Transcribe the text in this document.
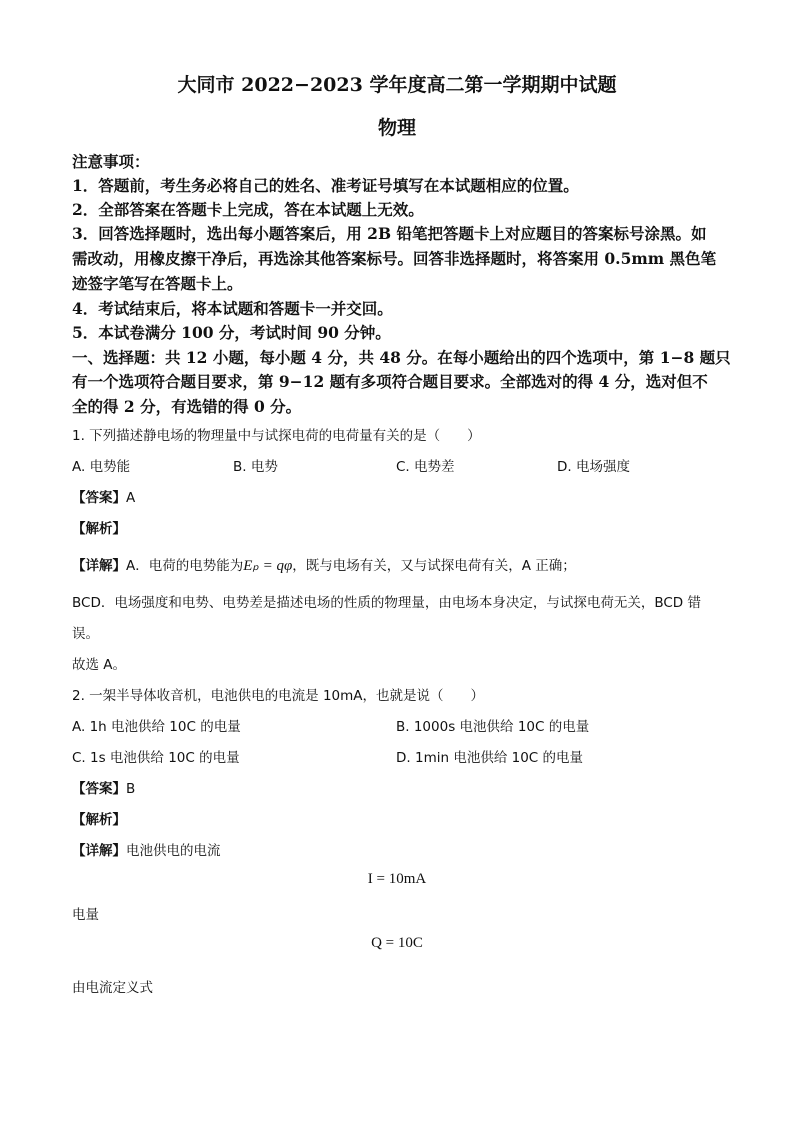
大同市 2022−2023 学年度高二第一学期期中试题
物理
注意事项：
1．答题前，考生务必将自己的姓名、准考证号填写在本试题相应的位置。
2．全部答案在答题卡上完成，答在本试题上无效。
3．回答选择题时，选出每小题答案后，用 2B 铅笔把答题卡上对应题目的答案标号涂黑。如
需改动，用橡皮擦干净后，再选涂其他答案标号。回答非选择题时，将答案用 0.5mm 黑色笔
迹签字笔写在答题卡上。
4．考试结束后，将本试题和答题卡一并交回。
5．本试卷满分 100 分，考试时间 90 分钟。
一、选择题：共 12 小题，每小题 4 分，共 48 分。在每小题给出的四个选项中，第 1−8 题只
有一个选项符合题目要求，第 9−12 题有多项符合题目要求。全部选对的得 4 分，选对但不
全的得 2 分，有选错的得 0 分。
1. 下列描述静电场的物理量中与试探电荷的电荷量有关的是（　　）
A. 电势能	B. 电势	C. 电势差	D. 电场强度
【答案】A
【解析】
【详解】A．电荷的电势能为Eₚ = qφ，既与电场有关，又与试探电荷有关，A 正确；
BCD．电场强度和电势、电势差是描述电场的性质的物理量，由电场本身决定，与试探电荷无关，BCD 错
误。
故选 A。
2. 一架半导体收音机，电池供电的电流是 10mA，也就是说（　　）
A. 1h 电池供给 10C 的电量	B. 1000s 电池供给 10C 的电量
C. 1s 电池供给 10C 的电量	D. 1min 电池供给 10C 的电量
【答案】B
【解析】
【详解】电池供电的电流
I = 10mA
电量
Q = 10C
由电流定义式
